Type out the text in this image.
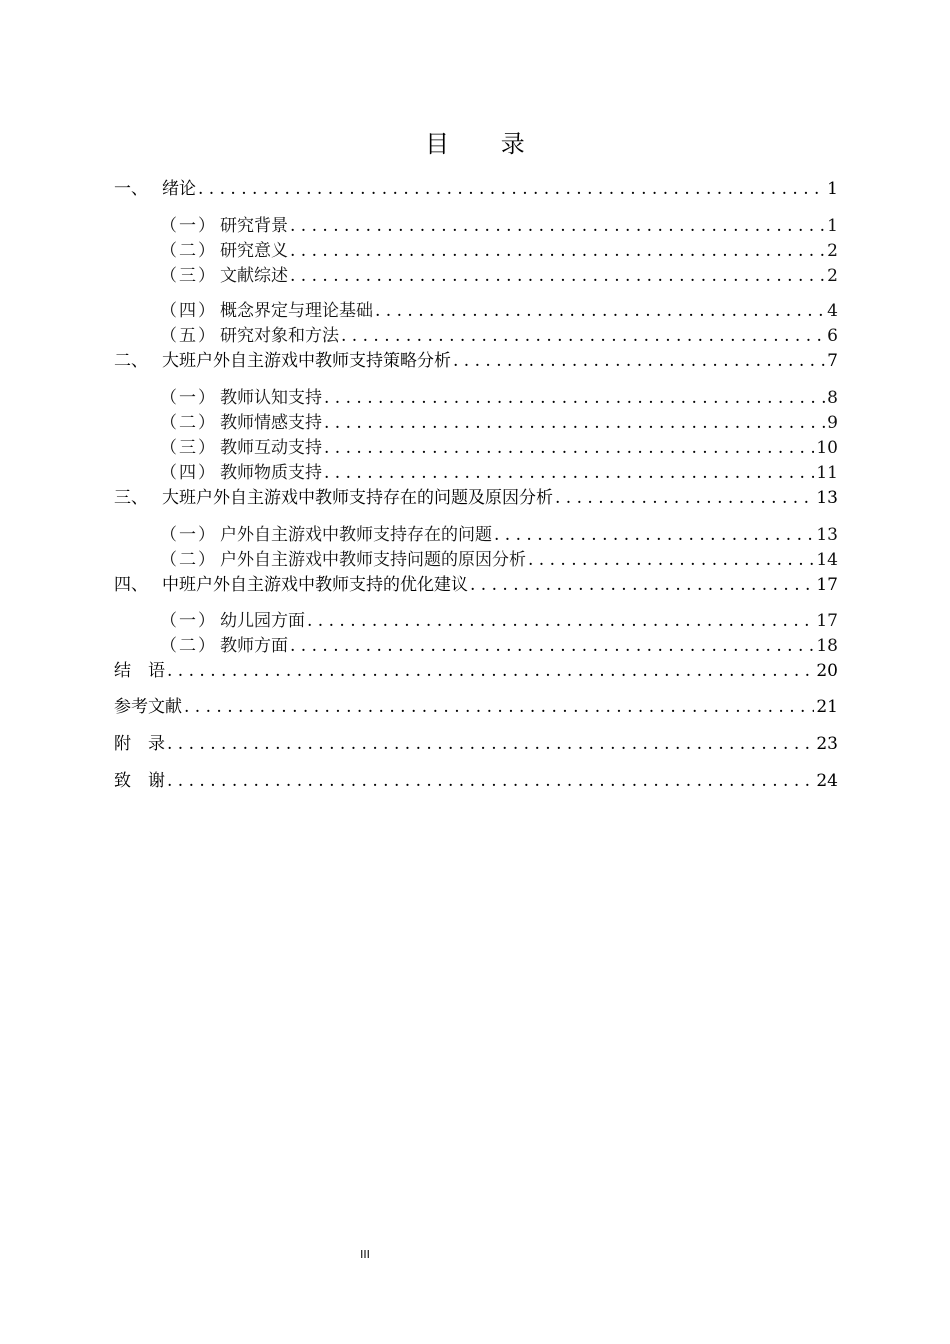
目 录
一、 绪论 . . .	1
（一） 研究背景 . . .	1
（二） 研究意义 . . .	2
（三） 文献综述 . . .	2
（四） 概念界定与理论基础 . . .	4
（五） 研究对象和方法 . . .	6
二、 大班户外自主游戏中教师支持策略分析 . . .	7
（一） 教师认知支持 . . .	8
（二） 教师情感支持 . . .	9
（三） 教师互动支持 . . .	10
（四） 教师物质支持 . . .	11
三、 大班户外自主游戏中教师支持存在的问题及原因分析 . . .	13
（一） 户外自主游戏中教师支持存在的问题 . . .	13
（二） 户外自主游戏中教师支持问题的原因分析 . . .	14
四、 中班户外自主游戏中教师支持的优化建议 . . .	17
（一） 幼儿园方面 . . .	17
（二） 教师方面 . . .	18
结　语 . . .	20
参考文献 . . .	21
附　录 . . .	23
致　谢 . . .	24
III
